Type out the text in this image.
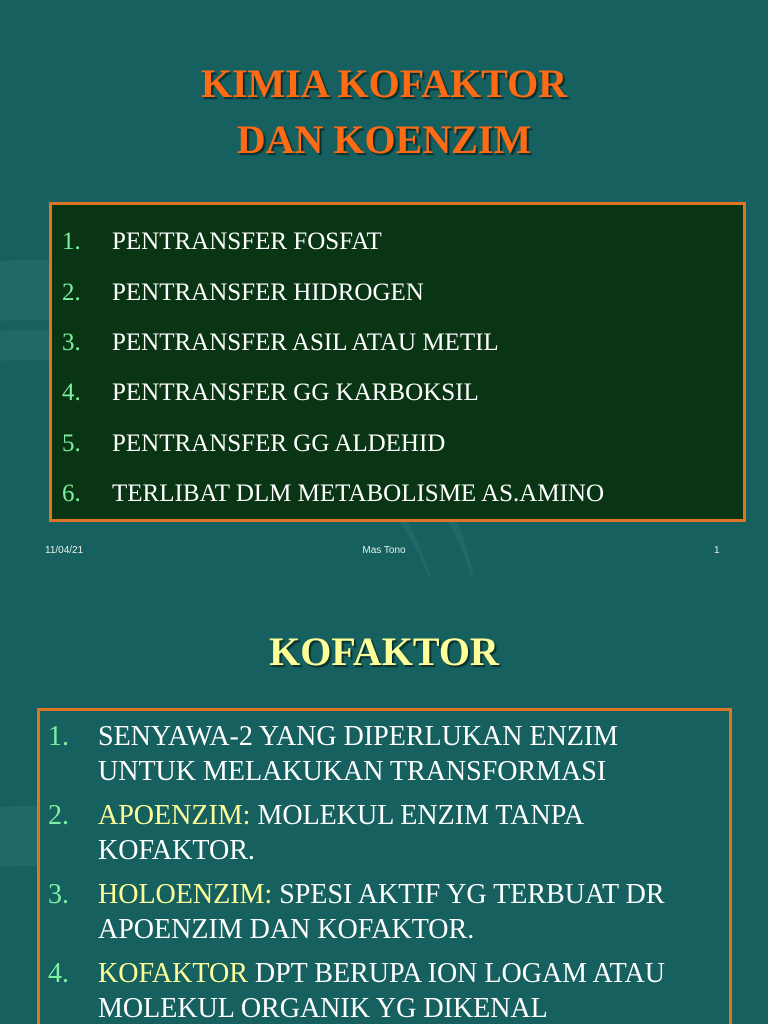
KIMIA KOFAKTOR
DAN KOENZIM
1.	PENTRANSFER FOSFAT
2.	PENTRANSFER HIDROGEN
3.	PENTRANSFER ASIL ATAU METIL
4.	PENTRANSFER GG KARBOKSIL
5.	PENTRANSFER GG ALDEHID
6.	TERLIBAT DLM METABOLISME AS.AMINO
11/04/21	Mas Tono	1
KOFAKTOR
1.	SENYAWA-2 YANG DIPERLUKAN ENZIM UNTUK MELAKUKAN TRANSFORMASI
2.	APOENZIM: MOLEKUL ENZIM TANPA KOFAKTOR.
3.	HOLOENZIM: SPESI AKTIF YG TERBUAT DR APOENZIM DAN KOFAKTOR.
4.	KOFAKTOR DPT BERUPA ION LOGAM ATAU MOLEKUL ORGANIK YG DIKENAL
